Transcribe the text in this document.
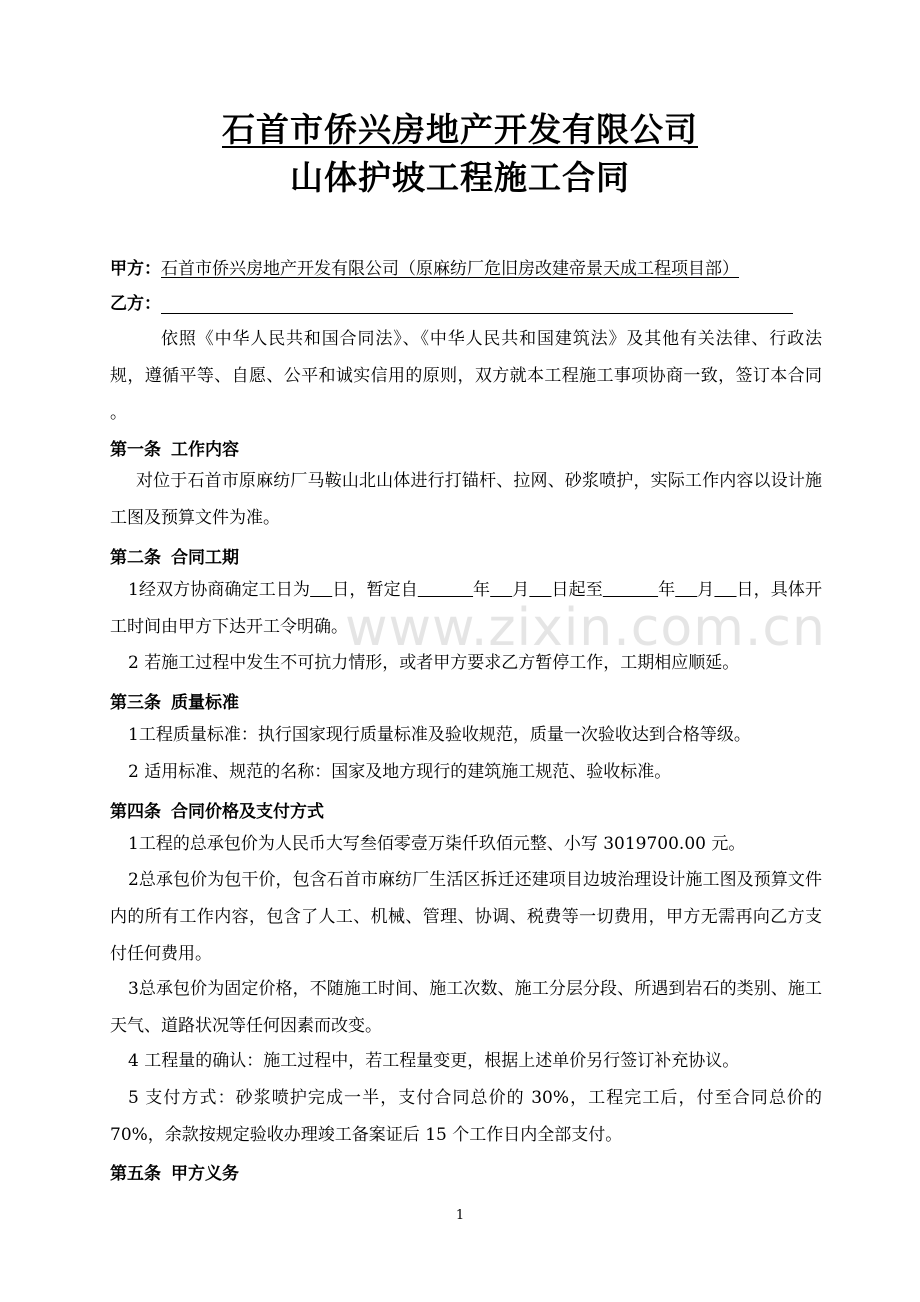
www.zixin.com.cn
石首市侨兴房地产开发有限公司
山体护坡工程施工合同
甲方：石首市侨兴房地产开发有限公司（原麻纺厂危旧房改建帝景天成工程项目部）
乙方：
依照《中华人民共和国合同法》、《中华人民共和国建筑法》及其他有关法律、行政法规，遵循平等、自愿、公平和诚实信用的原则，双方就本工程施工事项协商一致，签订本合同 。
第一条 工作内容
对位于石首市原麻纺厂马鞍山北山体进行打锚杆、拉网、砂浆喷护，实际工作内容以设计施工图及预算文件为准。
第二条 合同工期
1经双方协商确定工日为 日，暂定自	年 月 日起至	年 月 日，具体开工时间由甲方下达开工令明确。
2 若施工过程中发生不可抗力情形，或者甲方要求乙方暂停工作，工期相应顺延。
第三条 质量标准
1工程质量标准：执行国家现行质量标准及验收规范，质量一次验收达到合格等级。
2 适用标准、规范的名称：国家及地方现行的建筑施工规范、验收标准。
第四条 合同价格及支付方式
1工程的总承包价为人民币大写叁佰零壹万柒仟玖佰元整、小写 3019700.00 元。
2总承包价为包干价，包含石首市麻纺厂生活区拆迁还建项目边坡治理设计施工图及预算文件内的所有工作内容，包含了人工、机械、管理、协调、税费等一切费用，甲方无需再向乙方支付任何费用。
3总承包价为固定价格，不随施工时间、施工次数、施工分层分段、所遇到岩石的类别、施工天气、道路状况等任何因素而改变。
4 工程量的确认：施工过程中，若工程量变更，根据上述单价另行签订补充协议。
5 支付方式：砂浆喷护完成一半，支付合同总价的 30%，工程完工后，付至合同总价的 70%，余款按规定验收办理竣工备案证后 15 个工作日内全部支付。
第五条 甲方义务
1
